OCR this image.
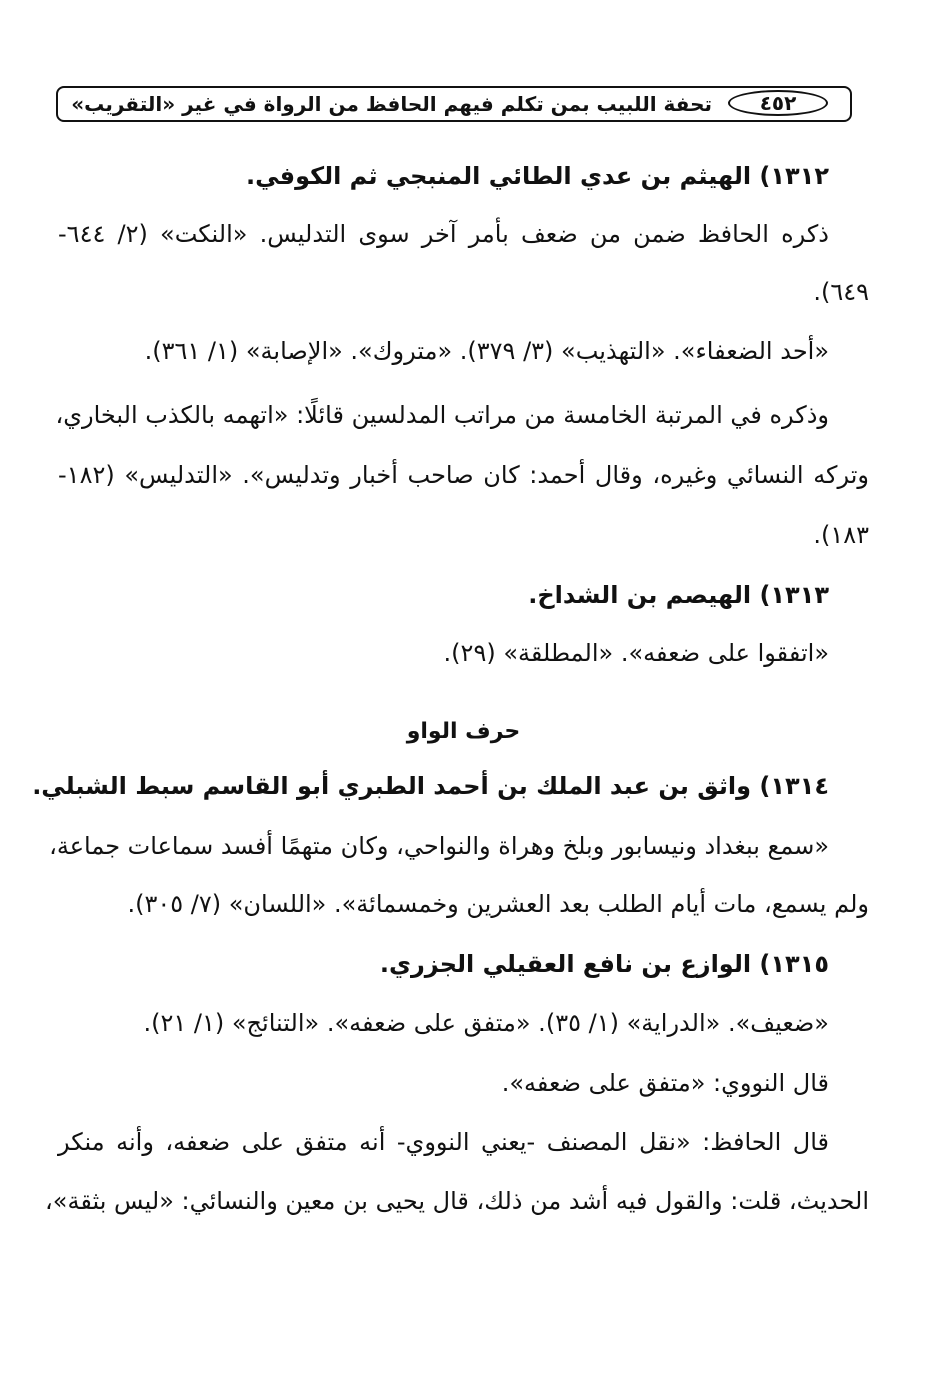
٤٥٢
تحفة اللبيب بمن تكلم فيهم الحافظ من الرواة في غير «التقريب»
١٣١٢) الهيثم بن عدي الطائي المنبجي ثم الكوفي.
ذكره الحافظ ضمن من ضعف بأمر آخر سوى التدليس. «النكت» (٢/ ٦٤٤-
٦٤٩).
«أحد الضعفاء». «التهذيب» (٣/ ٣٧٩). «متروك». «الإصابة» (١/ ٣٦١).
وذكره في المرتبة الخامسة من مراتب المدلسين قائلًا: «اتهمه بالكذب البخاري،
وتركه النسائي وغيره، وقال أحمد: كان صاحب أخبار وتدليس». «التدليس» (١٨٢-
١٨٣).
١٣١٣) الهيصم بن الشداخ.
«اتفقوا على ضعفه». «المطلقة» (٢٩).
حرف الواو
١٣١٤) واثق بن عبد الملك بن أحمد الطبري أبو القاسم سبط الشبلي.
«سمع ببغداد ونيسابور وبلخ وهراة والنواحي، وكان متهمًا أفسد سماعات جماعة،
ولم يسمع، مات أيام الطلب بعد العشرين وخمسمائة». «اللسان» (٧/ ٣٠٥).
١٣١٥) الوازع بن نافع العقيلي الجزري.
«ضعيف». «الدراية» (١/ ٣٥). «متفق على ضعفه». «التنائج» (١/ ٢١).
قال النووي: «متفق على ضعفه».
قال الحافظ: «نقل المصنف -يعني النووي- أنه متفق على ضعفه، وأنه منكر
الحديث، قلت: والقول فيه أشد من ذلك، قال يحيى بن معين والنسائي: «ليس بثقة»،
